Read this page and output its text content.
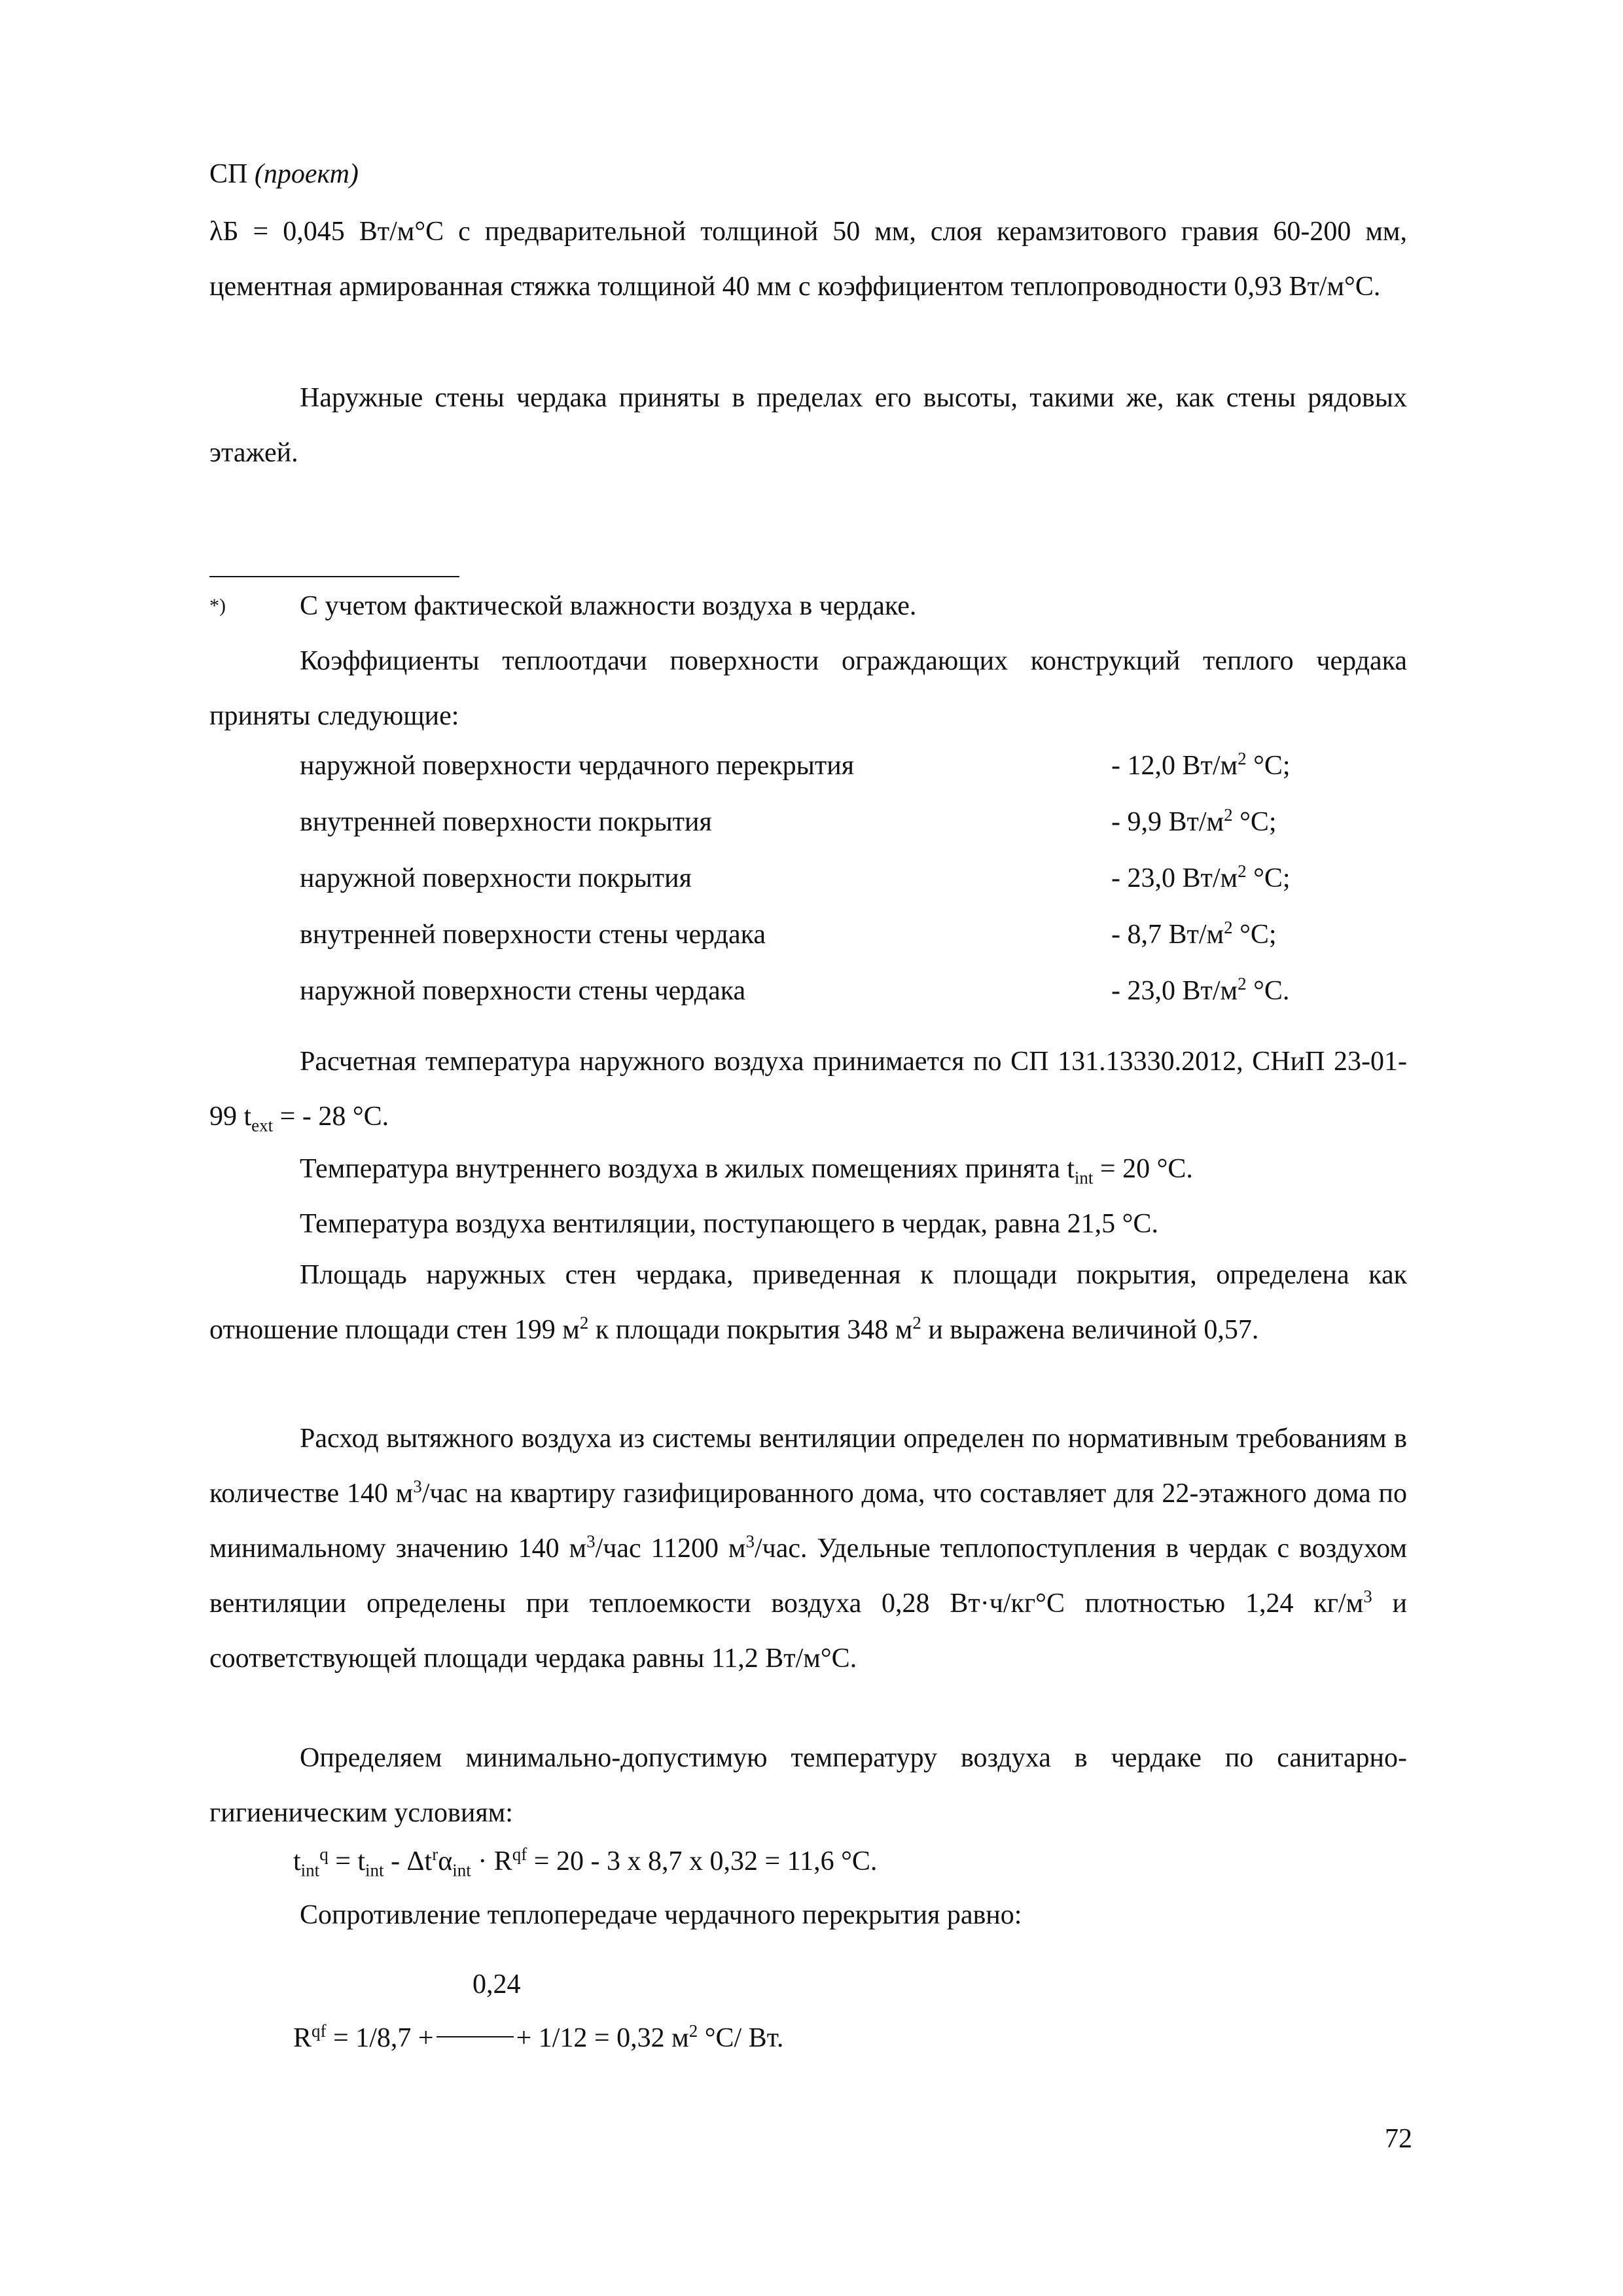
СП (проект)

λБ = 0,045 Вт/м°С с предварительной толщиной 50 мм, слоя керамзитового гравия 60-200 мм, цементная армированная стяжка толщиной 40 мм с коэффициентом теплопроводности 0,93 Вт/м°С.

Наружные стены чердака приняты в пределах его высоты, такими же, как стены рядовых этажей.

*)	С учетом фактической влажности воздуха в чердаке.

Коэффициенты теплоотдачи поверхности ограждающих конструкций теплого чердака приняты следующие:

наружной поверхности чердачного перекрытия	- 12,0 $Вт/м^2$ °С;
внутренней поверхности покрытия	- 9,9 $Вт/м^2$ °С;
наружной поверхности покрытия	- 23,0 $Вт/м^2$ °С;
внутренней поверхности стены чердака	- 8,7 $Вт/м^2$ °С;
наружной поверхности стены чердака	- 23,0 $Вт/м^2$ °С.

Расчетная температура наружного воздуха принимается по СП 131.13330.2012, СНиП 23-01-99 $t_{ext}$ = - 28 °С.

Температура внутреннего воздуха в жилых помещениях принята $t_{int} = 20$ °С.

Температура воздуха вентиляции, поступающего в чердак, равна 21,5 °С.

Площадь наружных стен чердака, приведенная к площади покрытия, определена как отношение площади стен 199 $м^2$ к площади покрытия 348 $м^2$ и выражена величиной 0,57.

Расход вытяжного воздуха из системы вентиляции определен по нормативным требованиям в количестве 140 $м^3$/час на квартиру газифицированного дома, что составляет для 22-этажного дома по минимальному значению 140 $м^3$/час 11200 $м^3$/час. Удельные теплопоступления в чердак с воздухом вентиляции определены при теплоемкости воздуха 0,28 Вт·ч/кг°С плотностью 1,24 $кг/м^3$ и соответствующей площади чердака равны 11,2 Вт/м°С.

Определяем минимально-допустимую температуру воздуха в чердаке по санитарно-гигиеническим условиям:

$t_{int}^q = t_{int} - \Delta t^r\alpha_{int} \cdot R^{qf} = 20 - 3$ х 8,7 х 0,32 = 11,6 °С.

Сопротивление теплопередаче чердачного перекрытия равно:

0,24

$R^{qf} = 1/8,7$ +	+ 1/12 = 0,32 $м^2$ °С/ Вт.

72
